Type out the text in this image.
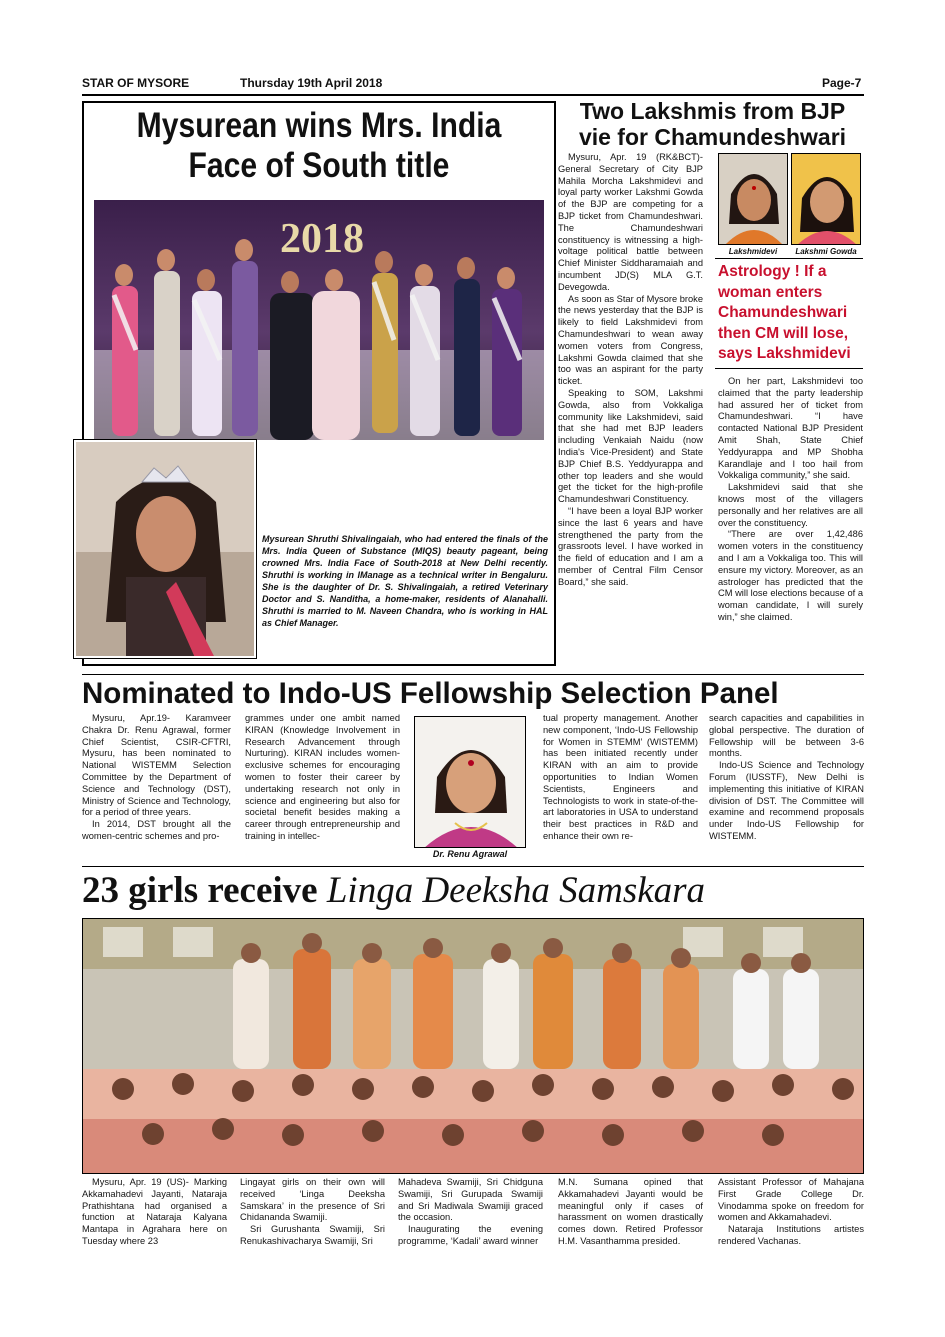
STAR OF MYSORE	Thursday 19th April 2018	Page-7
Mysurean wins Mrs. India
Face of South title
2018
Mysurean Shruthi Shivalingaiah, who had entered the finals of the Mrs. India Queen of Substance (MIQS) beauty pageant, being crowned Mrs. India Face of South-2018 at New Delhi recently. Shruthi is working in IManage as a technical writer in Bengaluru. She is the daughter of Dr. S. Shivalingaiah, a retired Veterinary Doctor and S. Nanditha, a home-maker, residents of Alanahalli. Shruthi is married to M. Naveen Chandra, who is working in HAL as Chief Manager.
Two Lakshmis from BJP
vie for Chamundeshwari

Mysuru, Apr. 19 (RK&BCT)- General Secretary of City BJP Mahila Morcha Lakshmidevi and loyal party worker Lakshmi Gowda of the BJP are competing for a BJP ticket from Chamundeshwari. The Chamundeshwari constituency is witnessing a high-voltage political battle between Chief Minister Siddharamaiah and incumbent JD(S) MLA G.T. Devegowda.

As soon as Star of Mysore broke the news yesterday that the BJP is likely to field Lakshmidevi from Chamundeshwari to wean away women voters from Congress, Lakshmi Gowda claimed that she too was an aspirant for the party ticket.

Speaking to SOM, Lakshmi Gowda, also from Vokkaliga community like Lakshmidevi, said that she had met BJP leaders including Venkaiah Naidu (now India's Vice-President) and State BJP Chief B.S. Yeddyurappa and other top leaders and she would get the ticket for the high-profile Chamundeshwari Constituency.

“I have been a loyal BJP worker since the last 6 years and have strengthened the party from the grassroots level. I have worked in the field of education and I am a member of Central Film Censor Board,” she said.

Lakshmidevi	Lakshmi Gowda
Astrology ! If a woman enters Chamundeshwari then CM will lose, says Lakshmidevi

On her part, Lakshmidevi too claimed that the party leadership had assured her of ticket from Chamundeshwari. “I have contacted National BJP President Amit Shah, State Chief Yeddyurappa and MP Shobha Karandlaje and I too hail from Vokkaliga community,” she said.

Lakshmidevi said that she knows most of the villagers personally and her relatives are all over the constituency.

“There are over 1,42,486 women voters in the constituency and I am a Vokkaliga too. This will ensure my victory. Moreover, as an astrologer has predicted that the CM will lose elections because of a woman candidate, I will surely win,” she claimed.

Nominated to Indo-US Fellowship Selection Panel

Mysuru, Apr.19- Karamveer Chakra Dr. Renu Agrawal, former Chief Scientist, CSIR-CFTRI, Mysuru, has been nominated to National WISTEMM Selection Committee by the Department of Science and Technology (DST), Ministry of Science and Technology, for a period of three years.

In 2014, DST brought all the women-centric schemes and pro-

grammes under one ambit named KIRAN (Knowledge Involvement in Research Advancement through Nurturing). KIRAN includes women-exclusive schemes for encouraging women to foster their career by undertaking research not only in science and engineering but also for societal benefit besides making a career through entrepreneurship and training in intellec-

Dr. Renu Agrawal

tual property management. Another new component, ‘Indo-US Fellowship for Women in STEMM’ (WISTEMM) has been initiated recently under KIRAN with an aim to provide opportunities to Indian Women Scientists, Engineers and Technologists to work in state-of-the-art laboratories in USA to understand their best practices in R&D and enhance their own re-

search capacities and capabilities in global perspective. The duration of Fellowship will be between 3-6 months.

Indo-US Science and Technology Forum (IUSSTF), New Delhi is implementing this initiative of KIRAN division of DST. The Committee will examine and recommend proposals under Indo-US Fellowship for WISTEMM.

23 girls receive Linga Deeksha Samskara

Mysuru, Apr. 19 (US)- Marking Akkamahadevi Jayanti, Nataraja Prathishtana had organised a function at Nataraja Kalyana Mantapa in Agrahara here on Tuesday where 23

Lingayat girls on their own will received ‘Linga Deeksha Samskara’ in the presence of Sri Chidananda Swamiji.

Sri Gurushanta Swamiji, Sri Renukashivacharya Swamiji, Sri

Mahadeva Swamiji, Sri Chidguna Swamiji, Sri Gurupada Swamiji and Sri Madiwala Swamiji graced the occasion.

Inaugurating the evening programme, ‘Kadali’ award winner

M.N. Sumana opined that Akkamahadevi Jayanti would be meaningful only if cases of harassment on women drastically comes down. Retired Professor H.M. Vasanthamma presided.

Assistant Professor of Mahajana First Grade College Dr. Vinodamma spoke on freedom for women and Akkamahadevi.

Nataraja Institutions artistes rendered Vachanas.
